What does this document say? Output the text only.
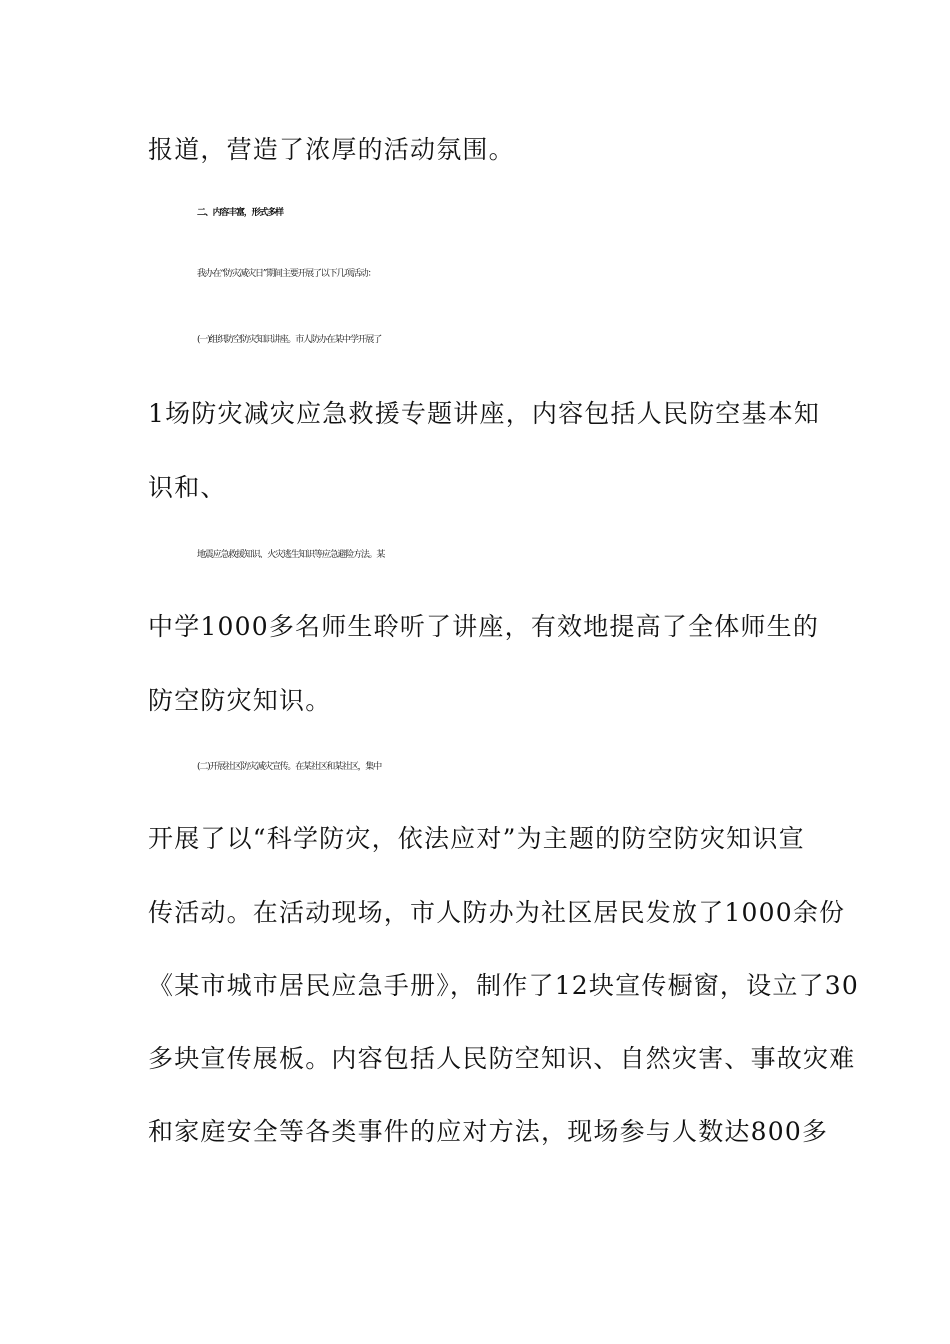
报道，营造了浓厚的活动氛围。
二、内容丰富，形式多样
我办在“防灾减灾日”期间主要开展了以下几项活动：
(一)组织防空防灾知识讲座。市人防办在某中学开展了
1场防灾减灾应急救援专题讲座，内容包括人民防空基本知
识和、
地震应急救援知识、火灾逃生知识等应急避险方法。某
中学1000多名师生聆听了讲座，有效地提高了全体师生的
防空防灾知识。
(二)开展社区防灾减灾宣传。在某社区和某社区，集中
开展了以“科学防灾，依法应对”为主题的防空防灾知识宣
传活动。在活动现场，市人防办为社区居民发放了1000余份
《某市城市居民应急手册》，制作了12块宣传橱窗，设立了30
多块宣传展板。内容包括人民防空知识、自然灾害、事故灾难
和家庭安全等各类事件的应对方法，现场参与人数达800多
